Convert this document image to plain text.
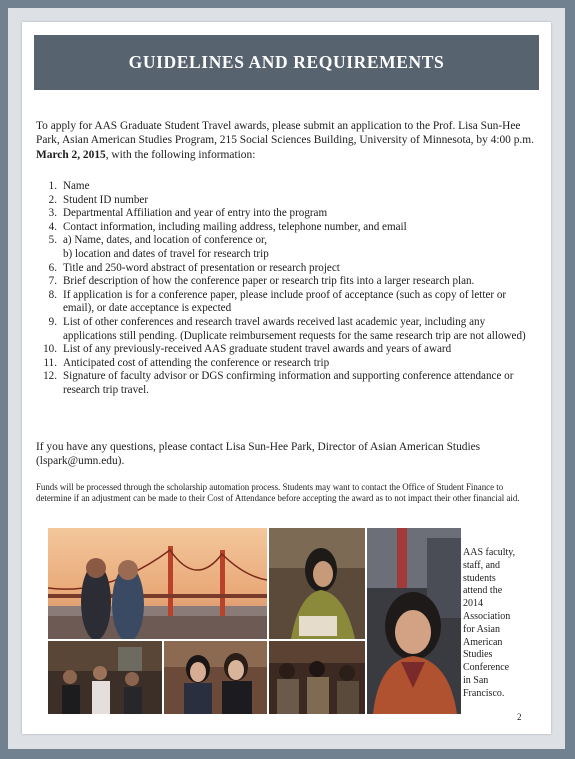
GUIDELINES AND REQUIREMENTS

To apply for AAS Graduate Student Travel awards, please submit an application to the Prof. Lisa Sun-Hee Park, Asian American Studies Program, 215 Social Sciences Building, University of Minnesota, by 4:00 p.m. March 2, 2015, with the following information:

1. Name
2. Student ID number
3. Departmental Affiliation and year of entry into the program
4. Contact information, including mailing address, telephone number, and email
5. a) Name, dates, and location of conference or,
b) location and dates of travel for research trip
6. Title and 250-word abstract of presentation or research project
7. Brief description of how the conference paper or research trip fits into a larger research plan.
8. If application is for a conference paper, please include proof of acceptance (such as copy of letter or email), or date acceptance is expected
9. List of other conferences and research travel awards received last academic year, including any applications still pending. (Duplicate reimbursement requests for the same research trip are not allowed)
10. List of any previously-received AAS graduate student travel awards and years of award
11. Anticipated cost of attending the conference or research trip
12. Signature of faculty advisor or DGS confirming information and supporting conference attendance or research trip travel.

If you have any questions, please contact Lisa Sun-Hee Park, Director of Asian American Studies (lspark@umn.edu).

Funds will be processed through the scholarship automation process. Students may want to contact the Office of Student Finance to determine if an adjustment can be made to their Cost of Attendance before accepting the award as to not impact their other financial aid.

AAS faculty,
staff, and
students
attend the
2014
Association
for Asian
American
Studies
Conference
in San
Francisco.
2
